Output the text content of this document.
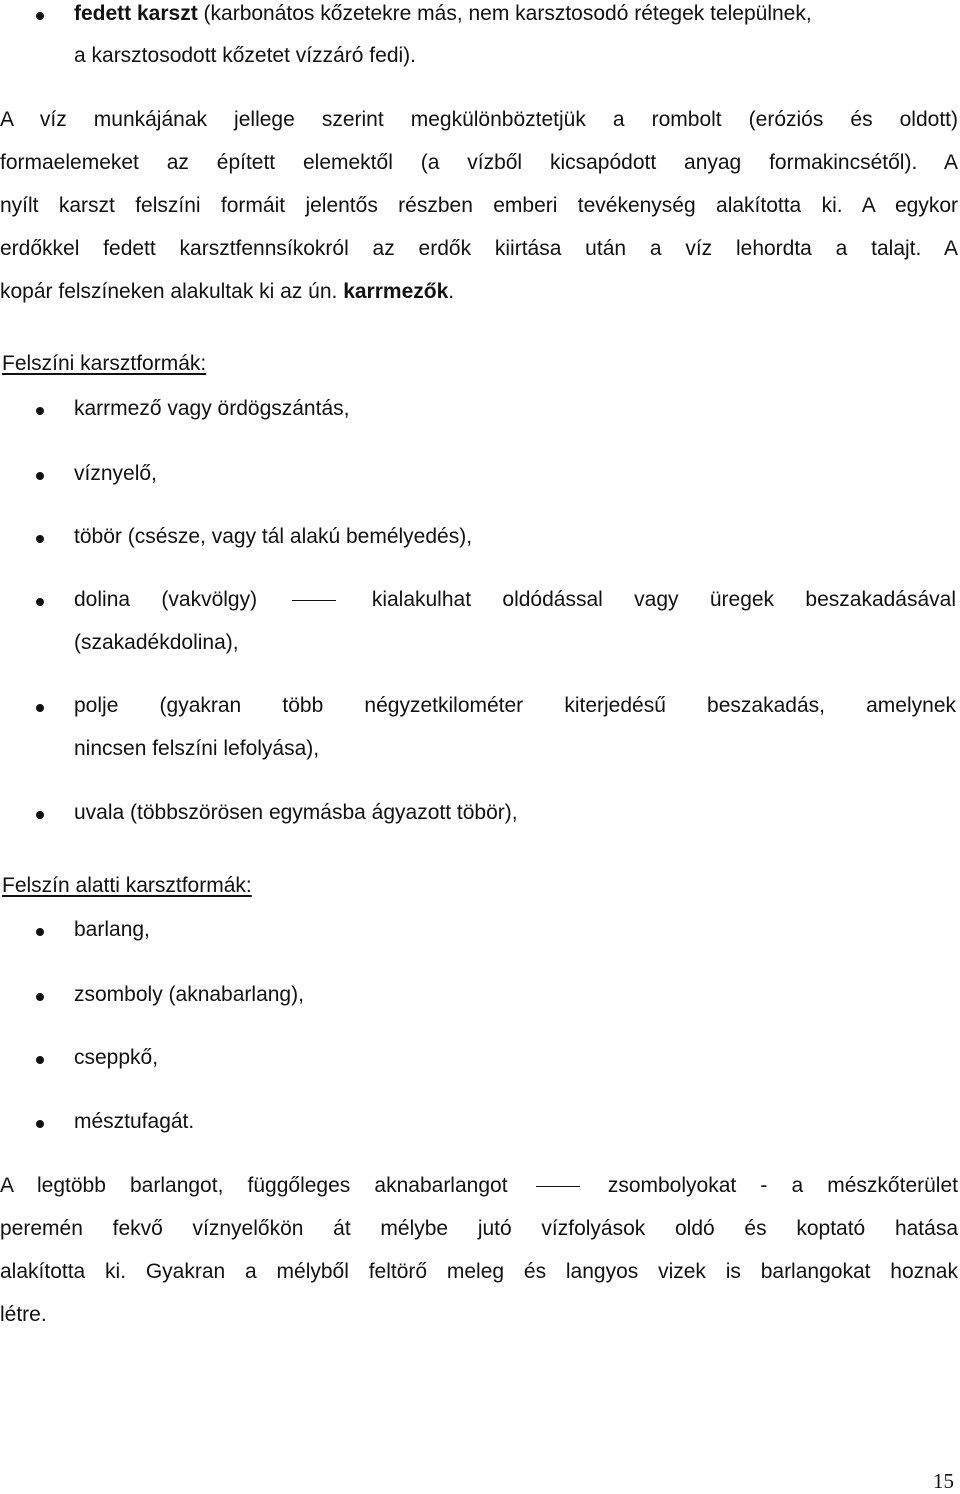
fedett karszt (karbonátos kőzetekre más, nem karsztosodó rétegek települnek,
a karsztosodott kőzetet vízzáró fedi).
A víz munkájának jellege szerint megkülönböztetjük a rombolt (eróziós és oldott)
formaelemeket az épített elemektől (a vízből kicsapódott anyag formakincsétől). A
nyílt karszt felszíni formáit jelentős részben emberi tevékenység alakította ki. A egykor
erdőkkel fedett karsztfennsíkokról az erdők kiirtása után a víz lehordta a talajt. A
kopár felszíneken alakultak ki az ún. karrmezők.
Felszíni karsztformák:
karrmező vagy ördögszántás,
víznyelő,
töbör (csésze, vagy tál alakú bemélyedés),
dolina (vakvölgy)	kialakulhat oldódással vagy üregek beszakadásával
(szakadékdolina),
polje (gyakran több négyzetkilométer kiterjedésű beszakadás, amelynek
nincsen felszíni lefolyása),
uvala (többszörösen egymásba ágyazott töbör),
Felszín alatti karsztformák:
barlang,
zsomboly (aknabarlang),
cseppkő,
mésztufagát.
A legtöbb barlangot, függőleges aknabarlangot	zsombolyokat - a mészkőterület
peremén fekvő víznyelőkön át mélybe jutó vízfolyások oldó és koptató hatása
alakította ki. Gyakran a mélyből feltörő meleg és langyos vizek is barlangokat hoznak
létre.
15
